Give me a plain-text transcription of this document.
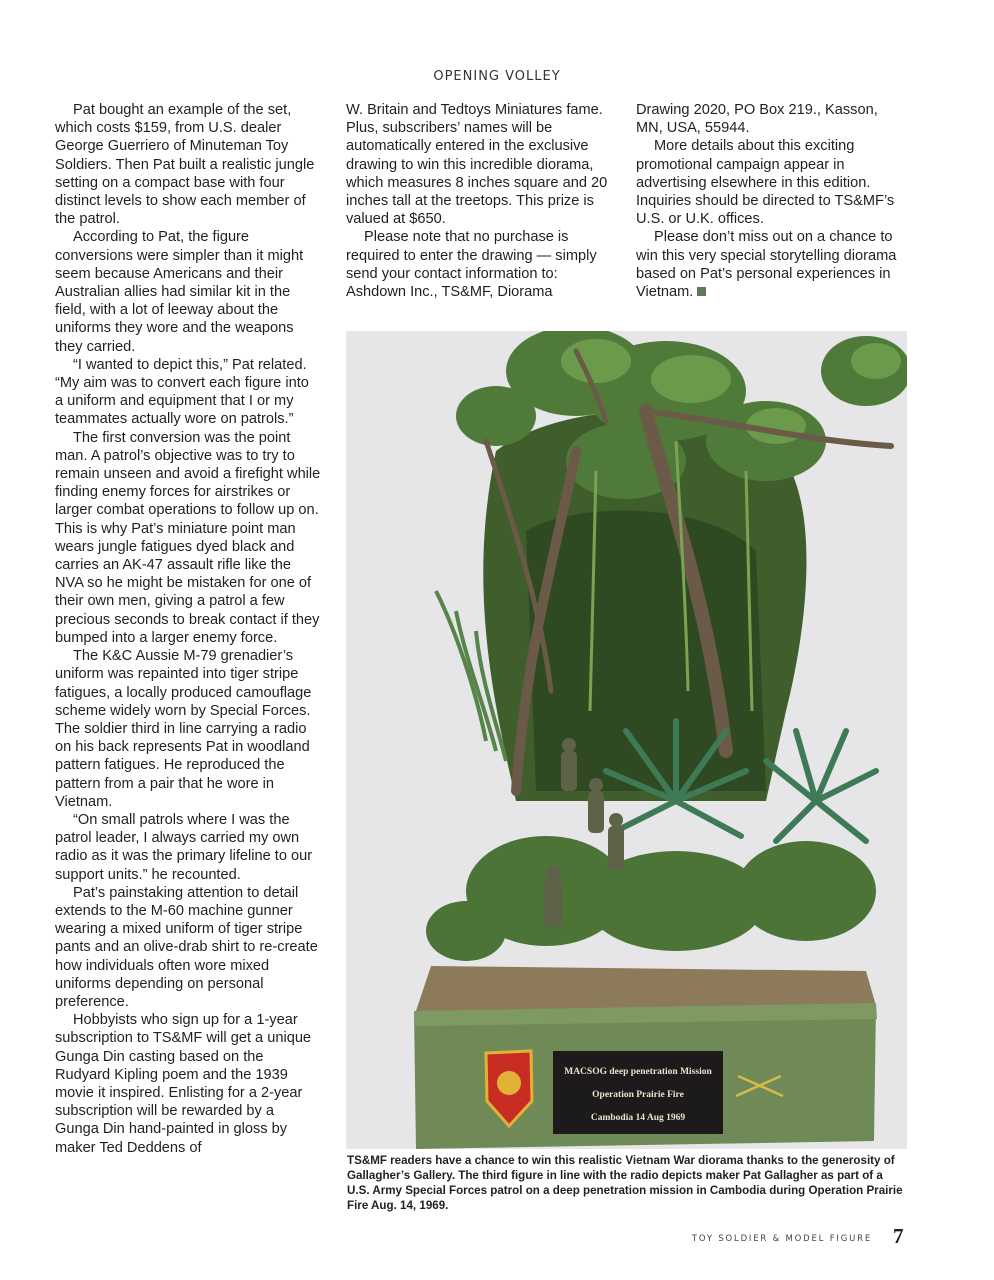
OPENING VOLLEY

Pat bought an example of the set, which costs $159, from U.S. dealer George Guerriero of Minuteman Toy Soldiers. Then Pat built a realistic jungle setting on a compact base with four distinct levels to show each member of the patrol.

According to Pat, the figure conversions were simpler than it might seem because Americans and their Australian allies had similar kit in the field, with a lot of leeway about the uniforms they wore and the weapons they carried.

“I wanted to depict this,” Pat related. “My aim was to convert each figure into a uniform and equipment that I or my teammates actually wore on patrols.”

The first conversion was the point man. A patrol’s objective was to try to remain unseen and avoid a firefight while finding enemy forces for airstrikes or larger combat operations to follow up on. This is why Pat’s miniature point man wears jungle fatigues dyed black and carries an AK-47 assault rifle like the NVA so he might be mistaken for one of their own men, giving a patrol a few precious seconds to break contact if they bumped into a larger enemy force.

The K&C Aussie M-79 grenadier’s uniform was repainted into tiger stripe fatigues, a locally produced camouflage scheme widely worn by Special Forces. The soldier third in line carrying a radio on his back represents Pat in woodland pattern fatigues. He reproduced the pattern from a pair that he wore in Vietnam.

“On small patrols where I was the patrol leader, I always carried my own radio as it was the primary lifeline to our support units.” he recounted.

Pat’s painstaking attention to detail extends to the M-60 machine gunner wearing a mixed uniform of tiger stripe pants and an olive-drab shirt to re-create how individuals often wore mixed uniforms depending on personal preference.

Hobbyists who sign up for a 1-year subscription to TS&MF will get a unique Gunga Din casting based on the Rudyard Kipling poem and the 1939 movie it inspired. Enlisting for a 2-year subscription will be rewarded by a Gunga Din hand-painted in gloss by maker Ted Deddens of

W. Britain and Tedtoys Miniatures fame. Plus, subscribers’ names will be automatically entered in the exclusive drawing to win this incredible diorama, which measures 8 inches square and 20 inches tall at the treetops. This prize is valued at $650.

Please note that no purchase is required to enter the drawing — simply send your contact information to: Ashdown Inc., TS&MF, Diorama

Drawing 2020, PO Box 219., Kasson, MN, USA, 55944.

More details about this exciting promotional campaign appear in advertising elsewhere in this edition. Inquiries should be directed to TS&MF’s U.S. or U.K. offices.

Please don’t miss out on a chance to win this very special storytelling diorama based on Pat’s personal experiences in Vietnam.

MACSOG deep penetration Mission
Operation Prairie Fire
Cambodia 14 Aug 1969
TS&MF readers have a chance to win this realistic Vietnam War diorama thanks to the generosity of Gallagher’s Gallery. The third figure in line with the radio depicts maker Pat Gallagher as part of a U.S. Army Special Forces patrol on a deep penetration mission in Cambodia during Operation Prairie Fire Aug. 14, 1969.
TOY SOLDIER & MODEL FIGURE 7
